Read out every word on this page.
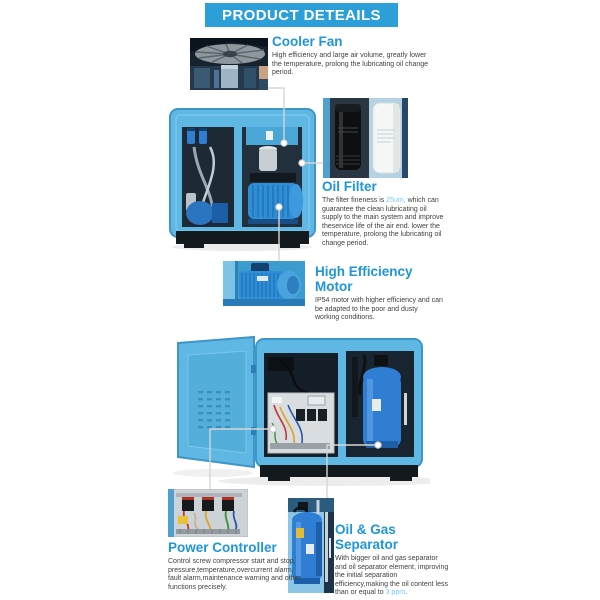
PRODUCT DETEAILS
Cooler Fan

High efficiency and large air volume, greatly lower the temperature, prolong the lubricating oil change period.

Oil Filter

The filter fineness is 25um, which can guarantee the clean lubricating oil supply to the main system and improve theservice life of the air end. lower the temperature, prolong the lubricating oil change period.

High Efficiency Motor

IP54 motor with higher efficiency and can be adapted to the poor and dusty working conditions.

Power Controller

Control screw compressor start and stop, pressure,temperature,overcurrent alarm, fault alarm,maintenance warning and other functions precisely.

Oil & Gas Separator

With bigger oil and gas separator and oil separator element, improving the initial separation efficiency,making the oil content less than or equal to 3 ppm.
